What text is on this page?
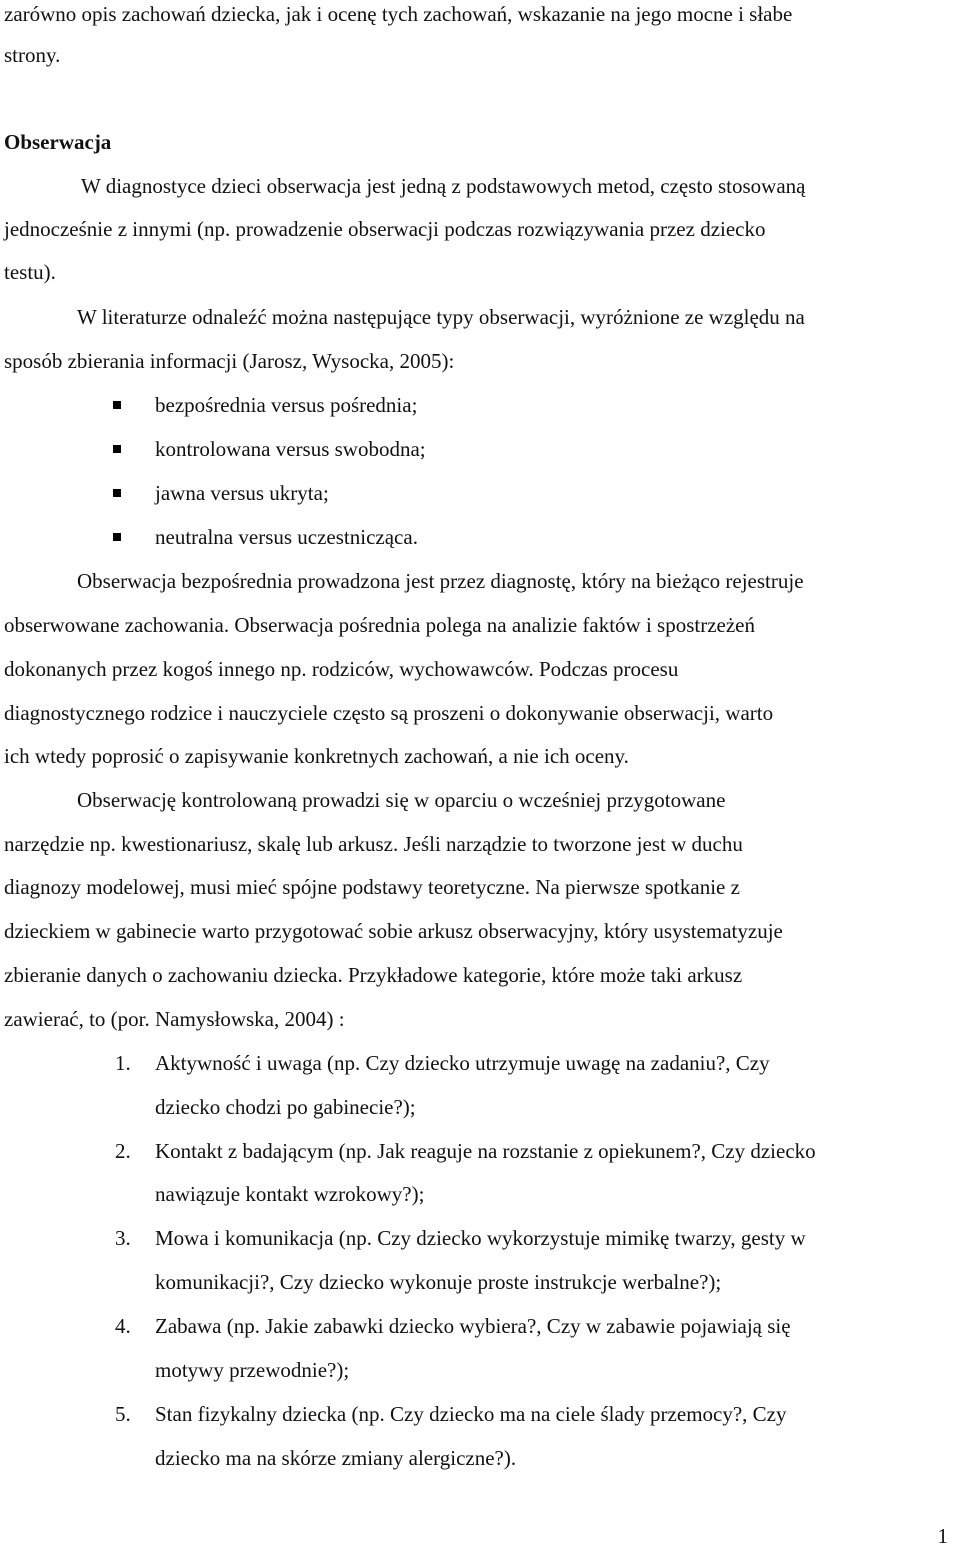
zarówno opis zachowań dziecka, jak i ocenę tych zachowań, wskazanie na jego mocne i słabe
strony.
Obserwacja
W diagnostyce dzieci obserwacja jest jedną z podstawowych metod, często stosowaną
jednocześnie z innymi (np. prowadzenie obserwacji podczas rozwiązywania przez dziecko
testu).
W literaturze odnaleźć można następujące typy obserwacji, wyróżnione ze względu na
sposób zbierania informacji (Jarosz, Wysocka, 2005):
bezpośrednia versus pośrednia;
kontrolowana versus swobodna;
jawna versus ukryta;
neutralna versus uczestnicząca.
Obserwacja bezpośrednia prowadzona jest przez diagnostę, który na bieżąco rejestruje
obserwowane zachowania. Obserwacja pośrednia polega na analizie faktów i spostrzeżeń
dokonanych przez kogoś innego np. rodziców, wychowawców. Podczas procesu
diagnostycznego rodzice i nauczyciele często są proszeni o dokonywanie obserwacji, warto
ich wtedy poprosić o zapisywanie konkretnych zachowań, a nie ich oceny.
Obserwację kontrolowaną prowadzi się w oparciu o wcześniej przygotowane
narzędzie np. kwestionariusz, skalę lub arkusz. Jeśli narządzie to tworzone jest w duchu
diagnozy modelowej, musi mieć spójne podstawy teoretyczne. Na pierwsze spotkanie z
dzieckiem w gabinecie warto przygotować sobie arkusz obserwacyjny, który usystematyzuje
zbieranie danych o zachowaniu dziecka. Przykładowe kategorie, które może taki arkusz
zawierać, to (por. Namysłowska, 2004) :
1. Aktywność i uwaga (np. Czy dziecko utrzymuje uwagę na zadaniu?, Czy
dziecko chodzi po gabinecie?);
2. Kontakt z badającym (np. Jak reaguje na rozstanie z opiekunem?, Czy dziecko
nawiązuje kontakt wzrokowy?);
3. Mowa i komunikacja (np. Czy dziecko wykorzystuje mimikę twarzy, gesty w
komunikacji?, Czy dziecko wykonuje proste instrukcje werbalne?);
4. Zabawa (np. Jakie zabawki dziecko wybiera?, Czy w zabawie pojawiają się
motywy przewodnie?);
5. Stan fizykalny dziecka (np. Czy dziecko ma na ciele ślady przemocy?, Czy
dziecko ma na skórze zmiany alergiczne?).
1
